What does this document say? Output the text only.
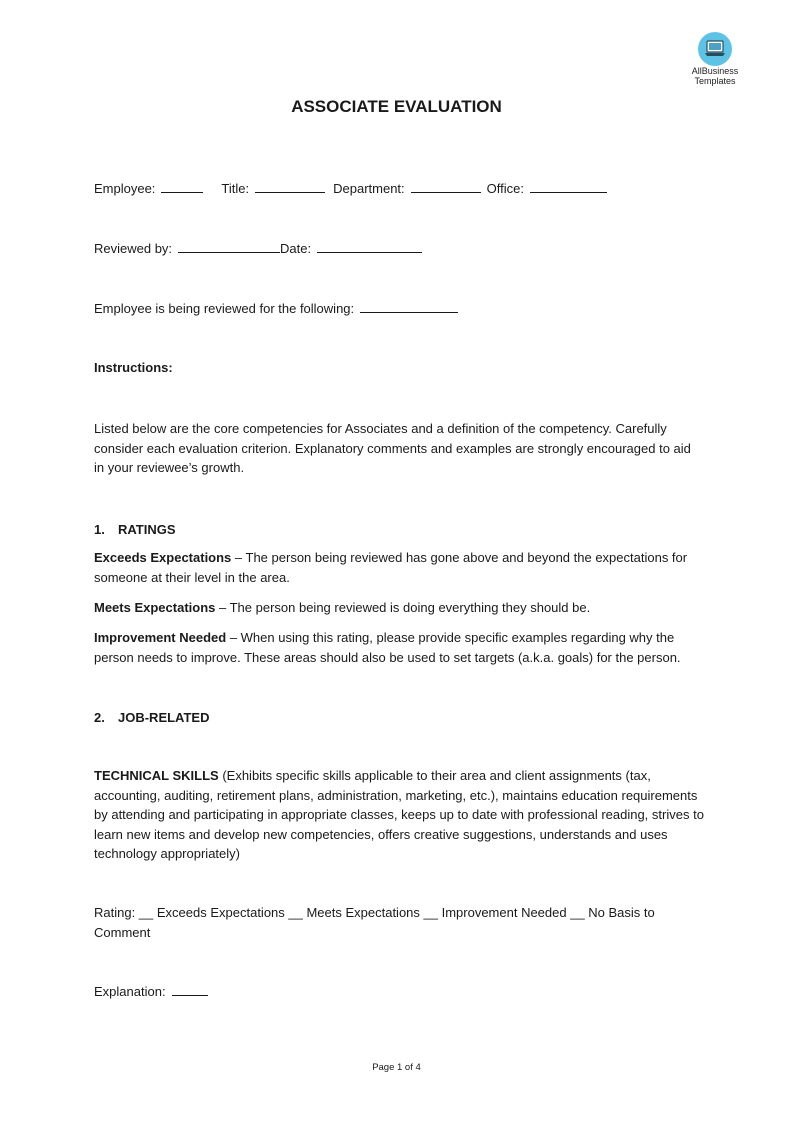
AllBusiness
Templates
ASSOCIATE EVALUATION
Employee:	Title:	Department:	Office:
Reviewed by:	Date:
Employee is being reviewed for the following:
Instructions:
Listed below are the core competencies for Associates and a definition of the competency. Carefully consider each evaluation criterion. Explanatory comments and examples are strongly encouraged to aid in your reviewee’s growth.
1. RATINGS
Exceeds Expectations – The person being reviewed has gone above and beyond the expectations for someone at their level in the area.
Meets Expectations – The person being reviewed is doing everything they should be.
Improvement Needed – When using this rating, please provide specific examples regarding why the person needs to improve. These areas should also be used to set targets (a.k.a. goals) for the person.
2. JOB-RELATED
TECHNICAL SKILLS (Exhibits specific skills applicable to their area and client assignments (tax, accounting, auditing, retirement plans, administration, marketing, etc.), maintains education requirements by attending and participating in appropriate classes, keeps up to date with professional reading, strives to learn new items and develop new competencies, offers creative suggestions, understands and uses technology appropriately)
Rating: __ Exceeds Expectations __ Meets Expectations __ Improvement Needed __ No Basis to Comment
Explanation:
Page 1 of 4
